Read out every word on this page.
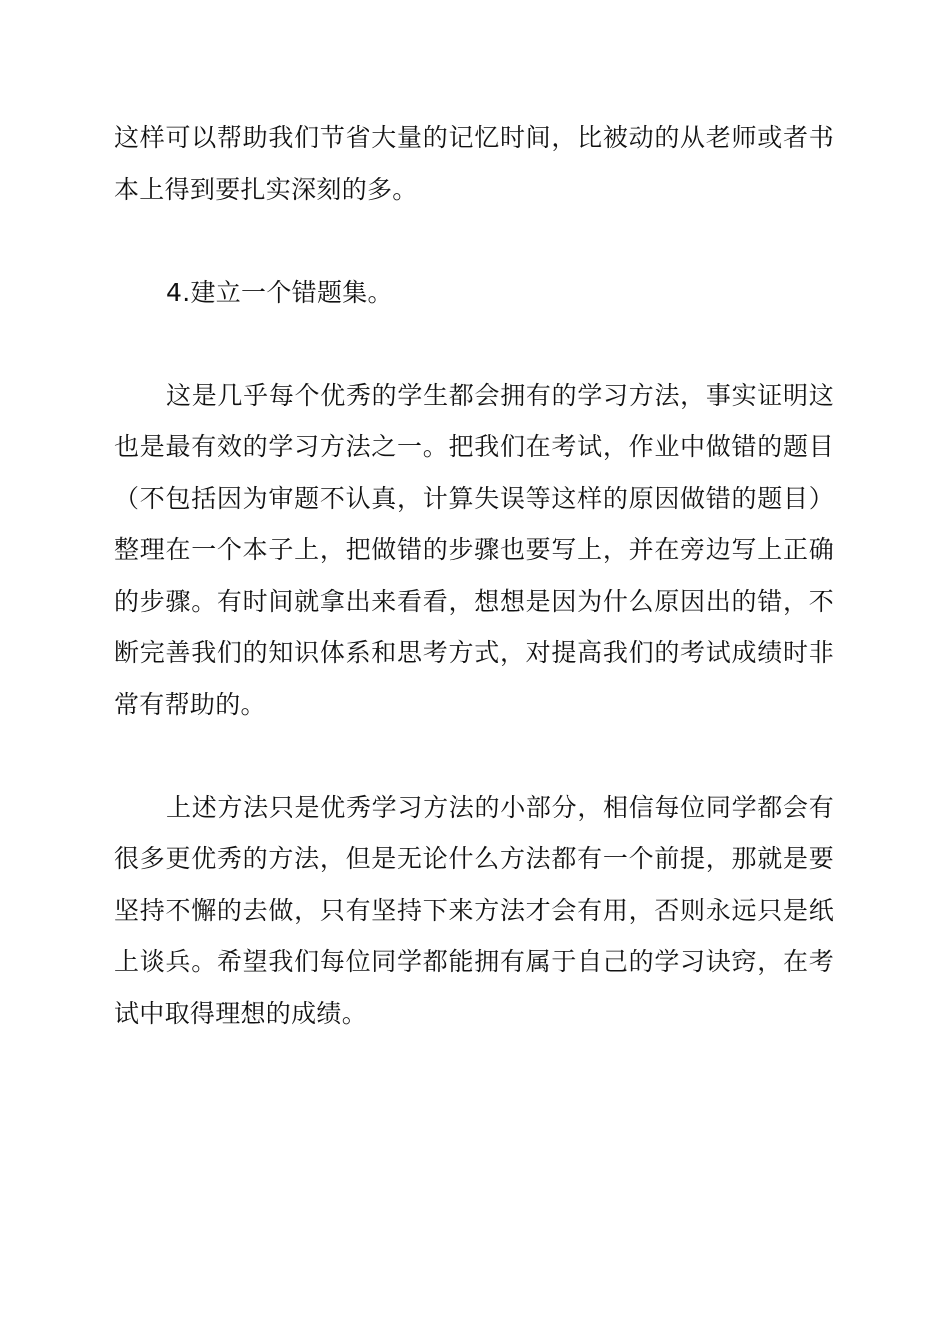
这样可以帮助我们节省大量的记忆时间，比被动的从老师或者书本上得到要扎实深刻的多。

4.建立一个错题集。

这是几乎每个优秀的学生都会拥有的学习方法，事实证明这也是最有效的学习方法之一。把我们在考试，作业中做错的题目（不包括因为审题不认真，计算失误等这样的原因做错的题目）整理在一个本子上，把做错的步骤也要写上，并在旁边写上正确的步骤。有时间就拿出来看看，想想是因为什么原因出的错，不断完善我们的知识体系和思考方式，对提高我们的考试成绩时非常有帮助的。

上述方法只是优秀学习方法的小部分，相信每位同学都会有很多更优秀的方法，但是无论什么方法都有一个前提，那就是要坚持不懈的去做，只有坚持下来方法才会有用，否则永远只是纸上谈兵。希望我们每位同学都能拥有属于自己的学习诀窍，在考试中取得理想的成绩。
